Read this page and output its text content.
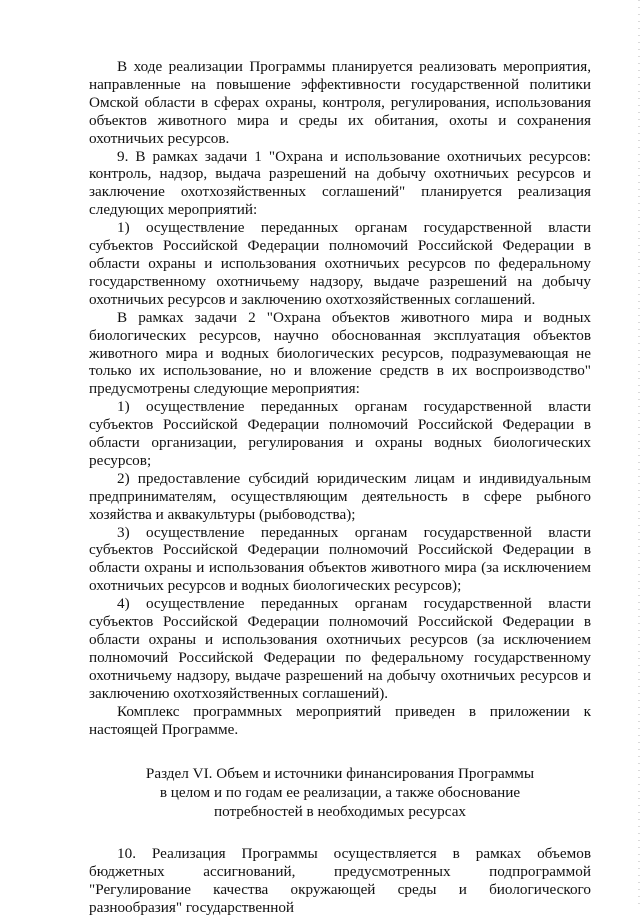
В ходе реализации Программы планируется реализовать мероприятия, направленные на повышение эффективности государственной политики Омской области в сферах охраны, контроля, регулирования, использования объектов животного мира и среды их обитания, охоты и сохранения охотничьих ресурсов.

9. В рамках задачи 1 "Охрана и использование охотничьих ресурсов: контроль, надзор, выдача разрешений на добычу охотничьих ресурсов и заключение охотхозяйственных соглашений" планируется реализация следующих мероприятий:

1) осуществление переданных органам государственной власти субъектов Российской Федерации полномочий Российской Федерации в области охраны и использования охотничьих ресурсов по федеральному государственному охотничьему надзору, выдаче разрешений на добычу охотничьих ресурсов и заключению охотхозяйственных соглашений.

В рамках задачи 2 "Охрана объектов животного мира и водных биологических ресурсов, научно обоснованная эксплуатация объектов животного мира и водных биологических ресурсов, подразумевающая не только их использование, но и вложение средств в их воспроизводство" предусмотрены следующие мероприятия:

1) осуществление переданных органам государственной власти субъектов Российской Федерации полномочий Российской Федерации в области организации, регулирования и охраны водных биологических ресурсов;

2) предоставление субсидий юридическим лицам и индивидуальным предпринимателям, осуществляющим деятельность в сфере рыбного хозяйства и аквакультуры (рыбоводства);

3) осуществление переданных органам государственной власти субъектов Российской Федерации полномочий Российской Федерации в области охраны и использования объектов животного мира (за исключением охотничьих ресурсов и водных биологических ресурсов);

4) осуществление переданных органам государственной власти субъектов Российской Федерации полномочий Российской Федерации в области охраны и использования охотничьих ресурсов (за исключением полномочий Российской Федерации по федеральному государственному охотничьему надзору, выдаче разрешений на добычу охотничьих ресурсов и заключению охотхозяйственных соглашений).

Комплекс программных мероприятий приведен в приложении к настоящей Программе.

Раздел VI. Объем и источники финансирования Программы
в целом и по годам ее реализации, а также обоснование
потребностей в необходимых ресурсах

10. Реализация Программы осуществляется в рамках объемов бюджетных ассигнований, предусмотренных подпрограммой "Регулирование качества окружающей среды и биологического разнообразия" государственной
